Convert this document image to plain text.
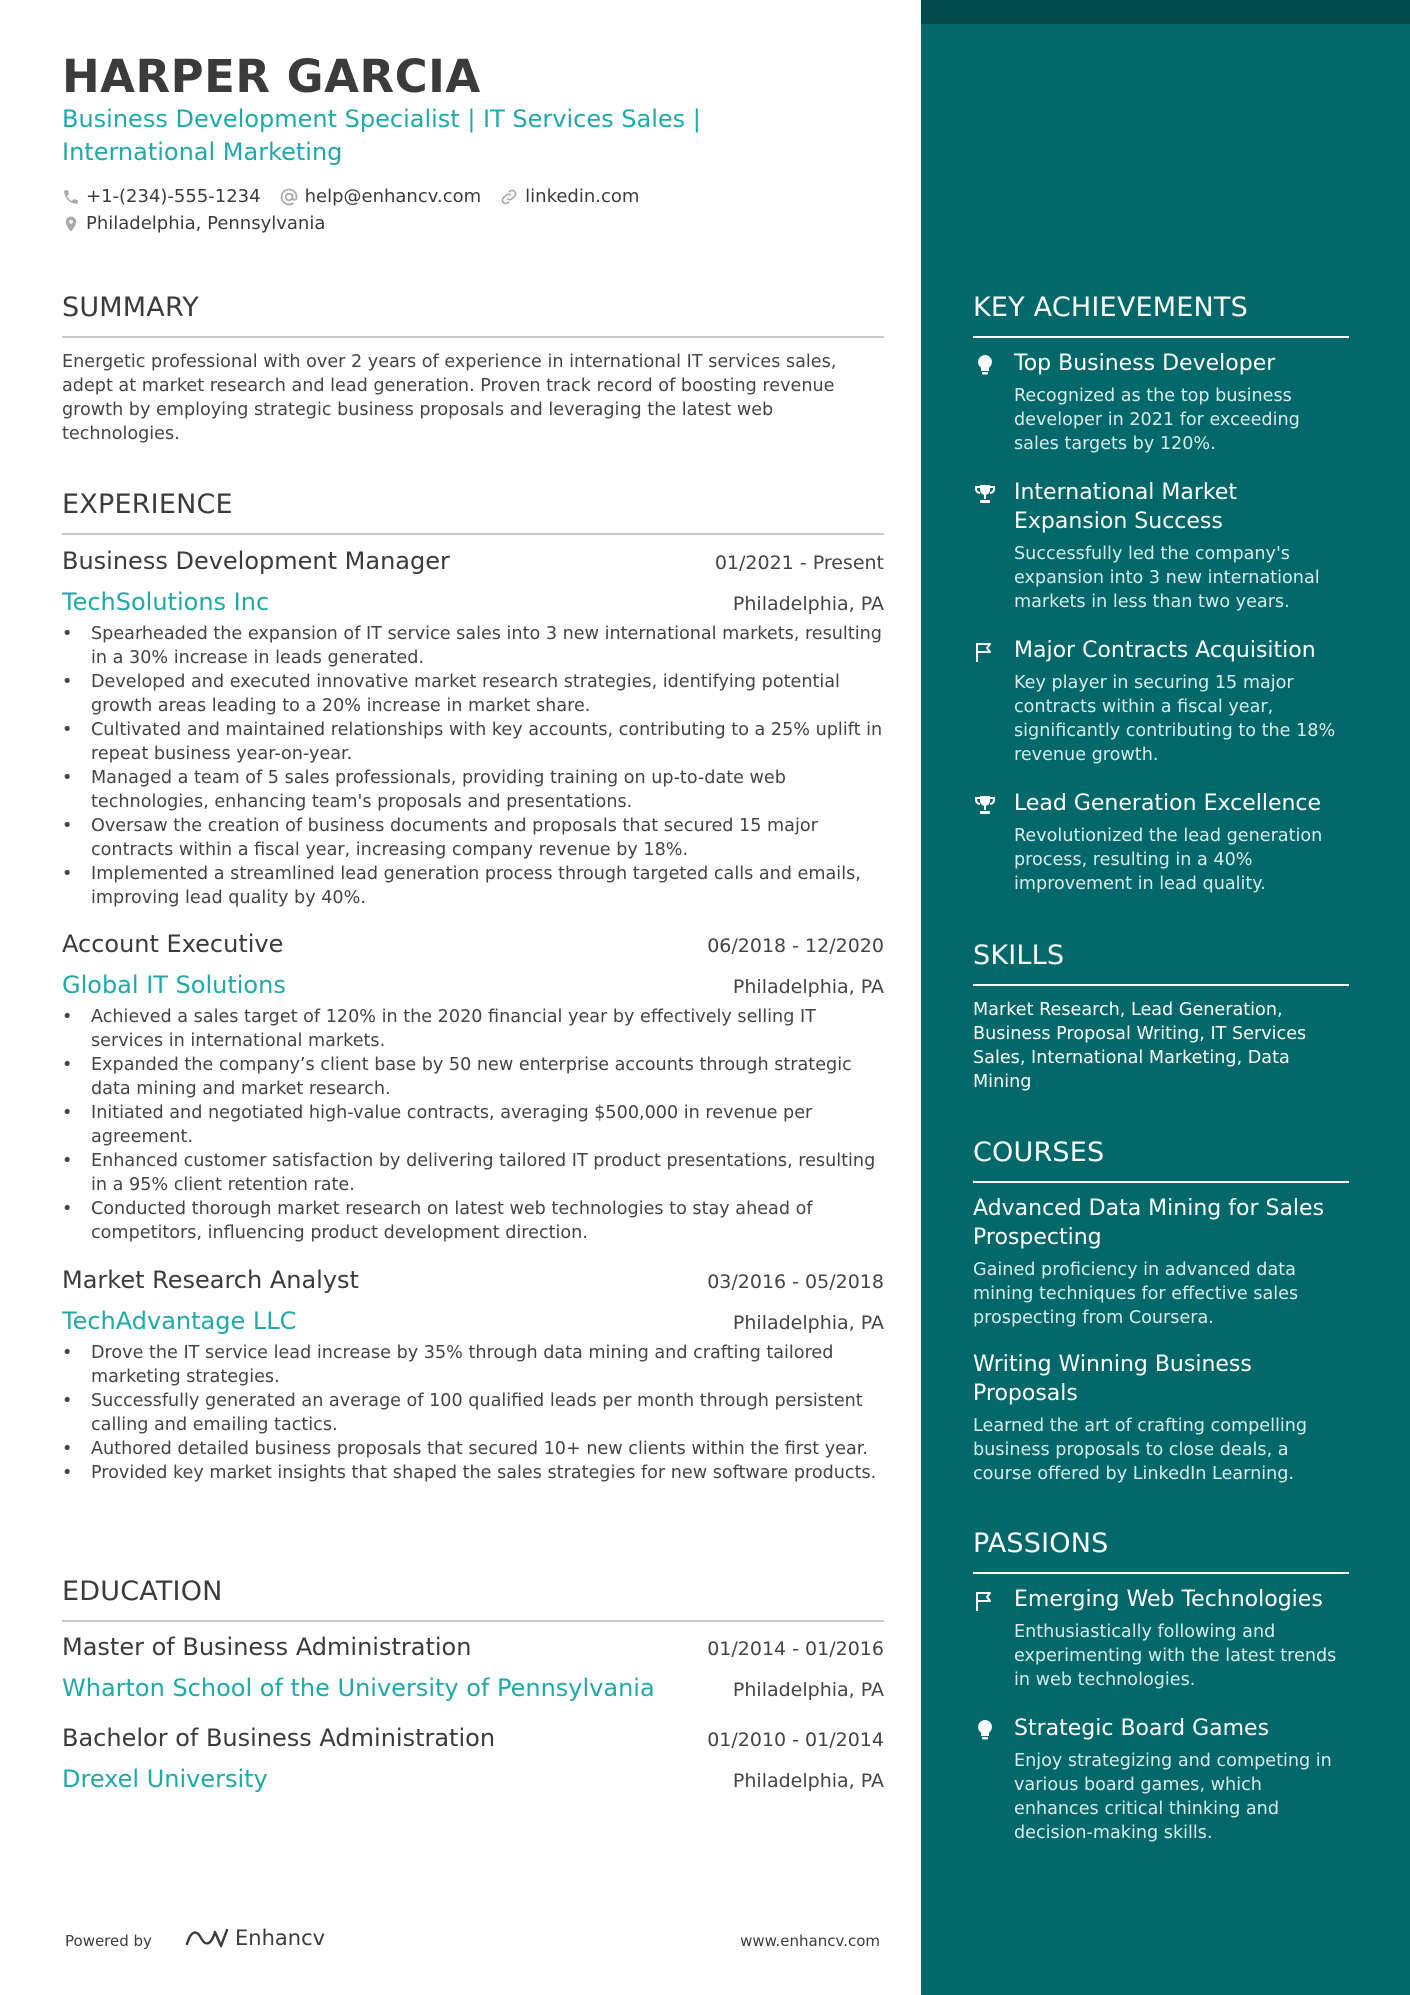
HARPER GARCIA
Business Development Specialist | IT Services Sales |
International Marketing
+1-(234)-555-1234 help@enhancv.com linkedin.com
Philadelphia, Pennsylvania
SUMMARY
Energetic professional with over 2 years of experience in international IT services sales, adept at market research and lead generation. Proven track record of boosting revenue growth by employing strategic business proposals and leveraging the latest web technologies.
EXPERIENCE
Business Development Manager	01/2021 - Present
TechSolutions Inc	Philadelphia, PA
• Spearheaded the expansion of IT service sales into 3 new international markets, resulting in a 30% increase in leads generated.
• Developed and executed innovative market research strategies, identifying potential growth areas leading to a 20% increase in market share.
• Cultivated and maintained relationships with key accounts, contributing to a 25% uplift in repeat business year-on-year.
• Managed a team of 5 sales professionals, providing training on up-to-date web technologies, enhancing team's proposals and presentations.
• Oversaw the creation of business documents and proposals that secured 15 major contracts within a fiscal year, increasing company revenue by 18%.
• Implemented a streamlined lead generation process through targeted calls and emails, improving lead quality by 40%.
Account Executive	06/2018 - 12/2020
Global IT Solutions	Philadelphia, PA
• Achieved a sales target of 120% in the 2020 financial year by effectively selling IT services in international markets.
• Expanded the company’s client base by 50 new enterprise accounts through strategic data mining and market research.
• Initiated and negotiated high-value contracts, averaging $500,000 in revenue per agreement.
• Enhanced customer satisfaction by delivering tailored IT product presentations, resulting in a 95% client retention rate.
• Conducted thorough market research on latest web technologies to stay ahead of competitors, influencing product development direction.
Market Research Analyst	03/2016 - 05/2018
TechAdvantage LLC	Philadelphia, PA
• Drove the IT service lead increase by 35% through data mining and crafting tailored marketing strategies.
• Successfully generated an average of 100 qualified leads per month through persistent calling and emailing tactics.
• Authored detailed business proposals that secured 10+ new clients within the first year.
• Provided key market insights that shaped the sales strategies for new software products.
EDUCATION
Master of Business Administration	01/2014 - 01/2016
Wharton School of the University of Pennsylvania	Philadelphia, PA
Bachelor of Business Administration	01/2010 - 01/2014
Drexel University	Philadelphia, PA
Powered by	Enhancv	www.enhancv.com
KEY ACHIEVEMENTS
Top Business Developer
Recognized as the top business developer in 2021 for exceeding sales targets by 120%.
International Market Expansion Success
Successfully led the company's expansion into 3 new international markets in less than two years.
Major Contracts Acquisition
Key player in securing 15 major contracts within a fiscal year, significantly contributing to the 18% revenue growth.
Lead Generation Excellence
Revolutionized the lead generation process, resulting in a 40% improvement in lead quality.
SKILLS
Market Research, Lead Generation, Business Proposal Writing, IT Services Sales, International Marketing, Data Mining
COURSES
Advanced Data Mining for Sales Prospecting
Gained proficiency in advanced data mining techniques for effective sales prospecting from Coursera.
Writing Winning Business Proposals
Learned the art of crafting compelling business proposals to close deals, a course offered by LinkedIn Learning.
PASSIONS
Emerging Web Technologies
Enthusiastically following and experimenting with the latest trends in web technologies.
Strategic Board Games
Enjoy strategizing and competing in various board games, which enhances critical thinking and decision-making skills.
